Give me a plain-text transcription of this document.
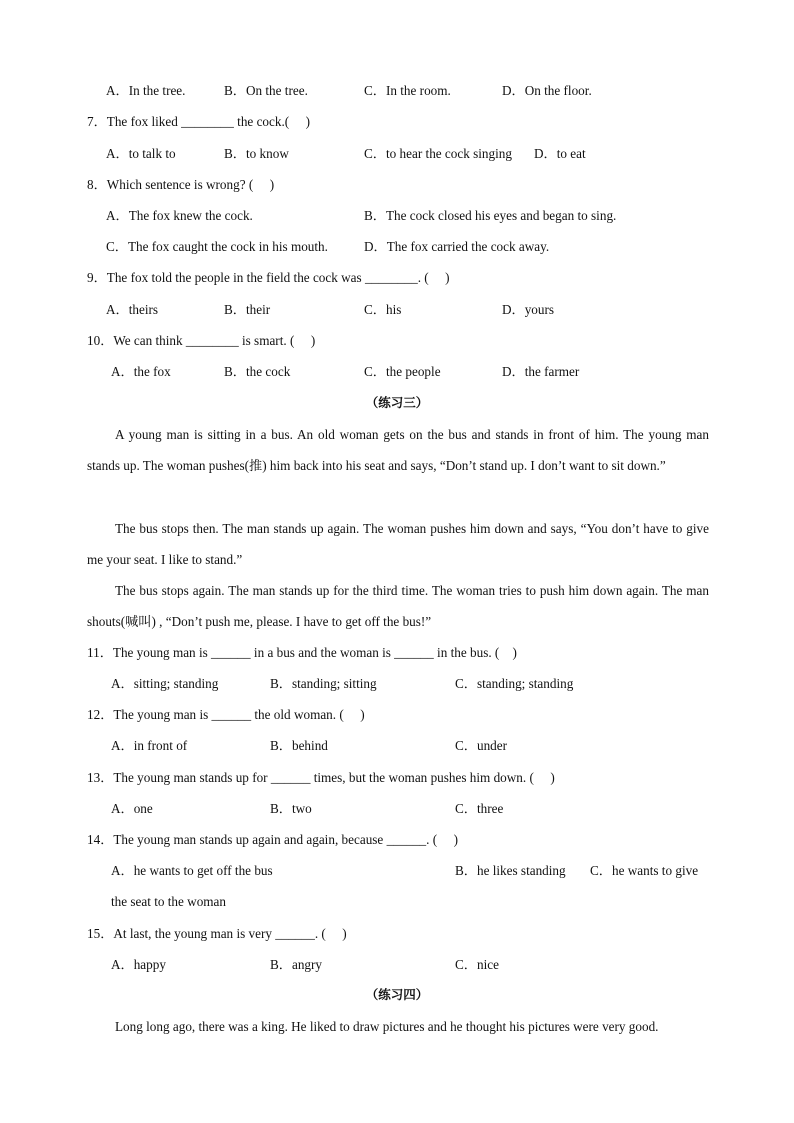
A．In the tree.	B．On the tree.	C．In the room.	D．On the floor.
7．The fox liked ________ the cock.(　 )
A．to talk to	B．to know	C．to hear the cock singing D．to eat
8．Which sentence is wrong? (　 )
A．The fox knew the cock.	B．The cock closed his eyes and began to sing.
C．The fox caught the cock in his mouth.	D．The fox carried the cock away.
9．The fox told the people in the field the cock was ________. (　 )
A．theirs	B．their	C．his	D．yours
10．We can think ________ is smart. (　 )
A．the fox	B．the cock	C．the people	D．the farmer
（练习三）
A young man is sitting in a bus. An old woman gets on the bus and stands in front of him. The young man stands up. The woman pushes(推) him back into his seat and says, “Don’t stand up. I don’t want to sit down.”
The bus stops then. The man stands up again. The woman pushes him down and says, “You don’t have to give me your seat. I like to stand.”
The bus stops again. The man stands up for the third time. The woman tries to push him down again. The man shouts(喊叫) , “Don’t push me, please. I have to get off the bus!”
11．The young man is ______ in a bus and the woman is ______ in the bus. (　)
A．sitting; standing	B．standing; sitting	C．standing; standing
12．The young man is ______ the old woman. (　 )
A．in front of	B．behind	C．under
13．The young man stands up for ______ times, but the woman pushes him down. (　 )
A．one	B．two	C．three
14．The young man stands up again and again, because ______. (　 )
A．he wants to get off the bus	B．he likes standing C．he wants to give
the seat to the woman
15．At last, the young man is very ______. (　 )
A．happy	B．angry	C．nice
（练习四）
Long long ago, there was a king. He liked to draw pictures and he thought his pictures were very good.
